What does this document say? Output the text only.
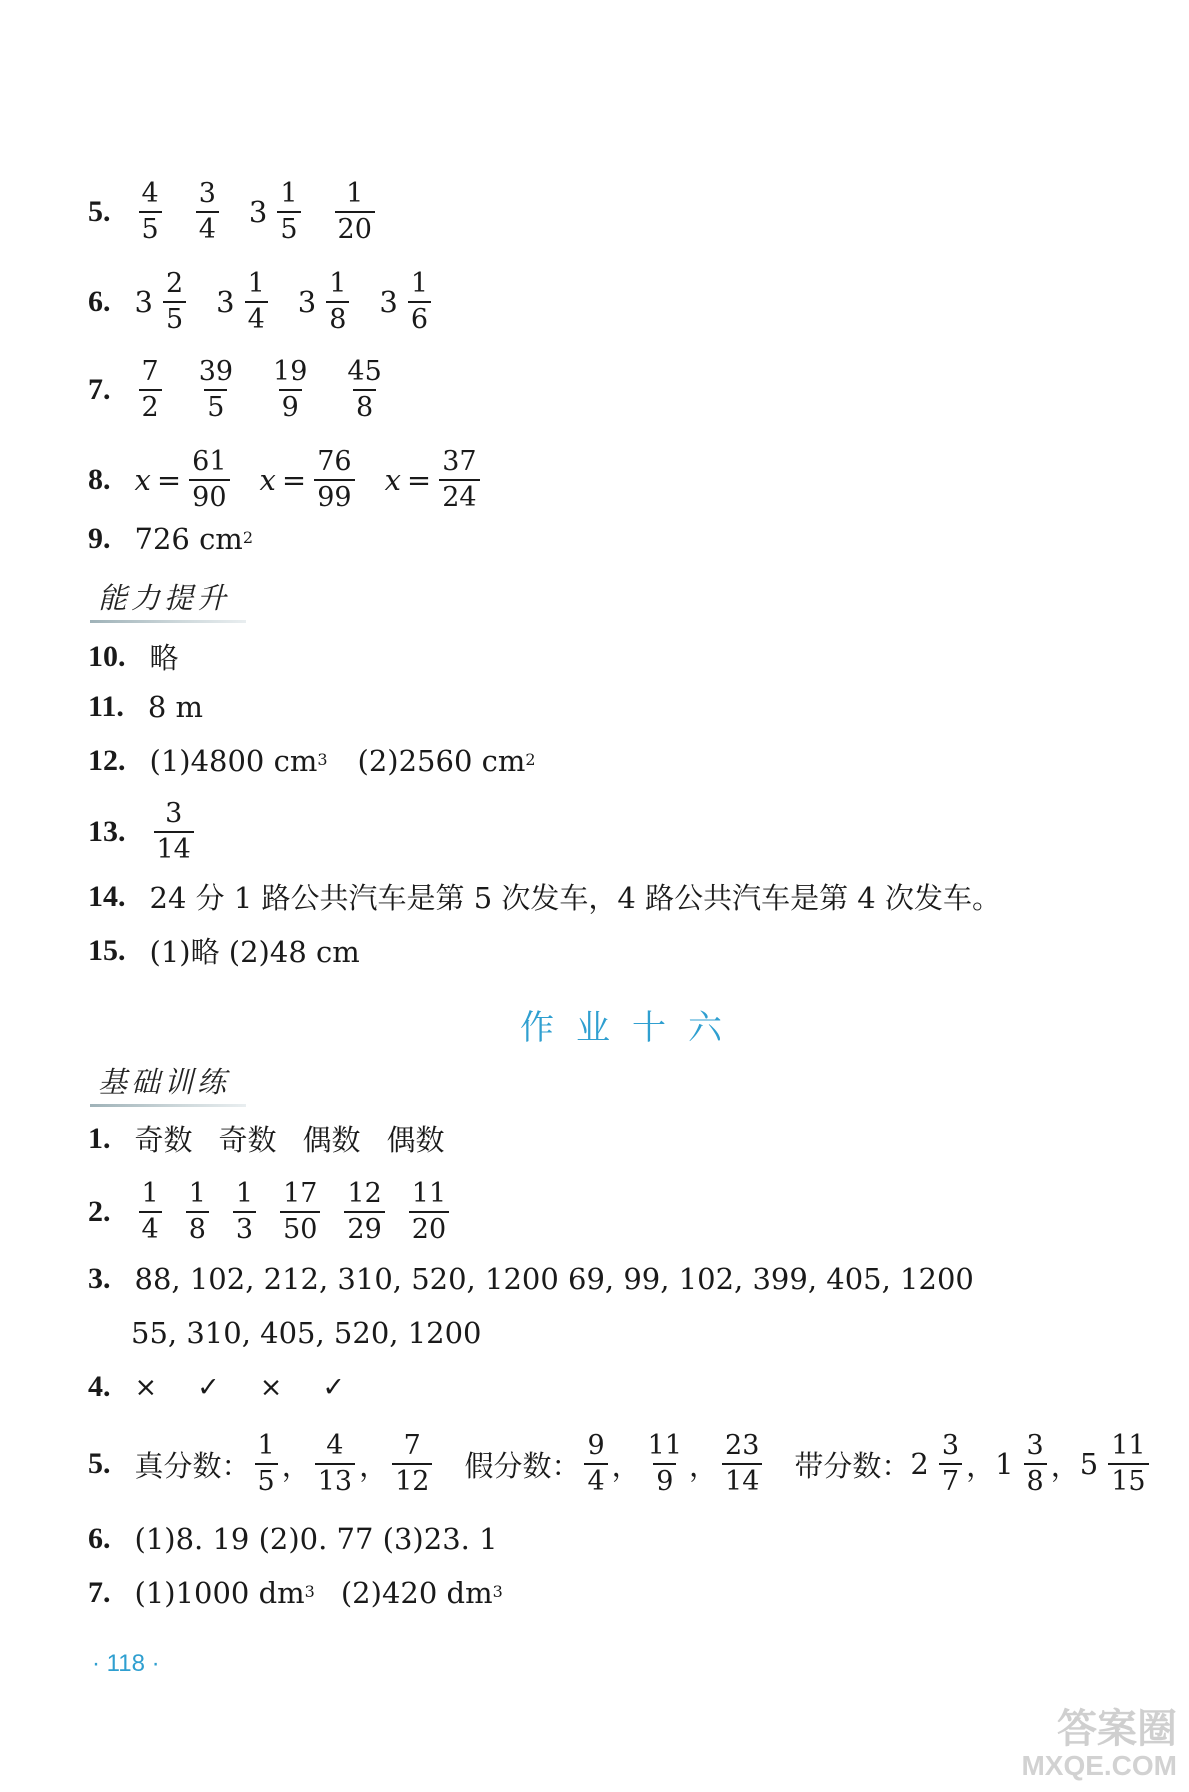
5. $\frac{4}{5} \frac{3}{4} 3 \frac{1}{5} \frac{1}{20}$
6. $3 \frac{2}{5} 3 \frac{1}{4} 3 \frac{1}{8} 3 \frac{1}{6}$
7. $\frac{7}{2} \frac{39}{5} \frac{19}{9} \frac{45}{8}$
8. $x = \frac{61}{90}$ $x = \frac{76}{99}$ $x = \frac{37}{24}$
9. 726 $cm^2$
能力提升
10. 略
11. 8 m
12. (1)4800 $cm^3$ (2)2560 $cm^2$
13. $\frac{3}{14}$
14. 24 分 1 路公共汽车是第 5 次发车，4 路公共汽车是第 4 次发车。
15. (1)略 (2)48 cm
作业十六
基础训练
1. 奇数 奇数 偶数 偶数
2. $\frac{1}{4} \frac{1}{8} \frac{1}{3} \frac{17}{50} \frac{12}{29} \frac{11}{20}$
3. 88, 102, 212, 310, 520, 1200 69, 99, 102, 399, 405, 1200
55, 310, 405, 520, 1200
4. × ✓ × ✓
5. 真分数： $\frac{1}{5}$ ， $\frac{4}{13}$ ， $\frac{7}{12}$ 假分数： $\frac{9}{4}$ ， $\frac{11}{9}$ ， $\frac{23}{14}$ 带分数： $2 \frac{3}{7}$ ， $1 \frac{3}{8}$ ， $5 \frac{11}{15}$
6. (1)8. 19 (2)0. 77 (3)23. 1
7. (1)1000 $dm^3$ (2)420 $dm^3$
· 118 ·
答案圈
MXQE.COM
